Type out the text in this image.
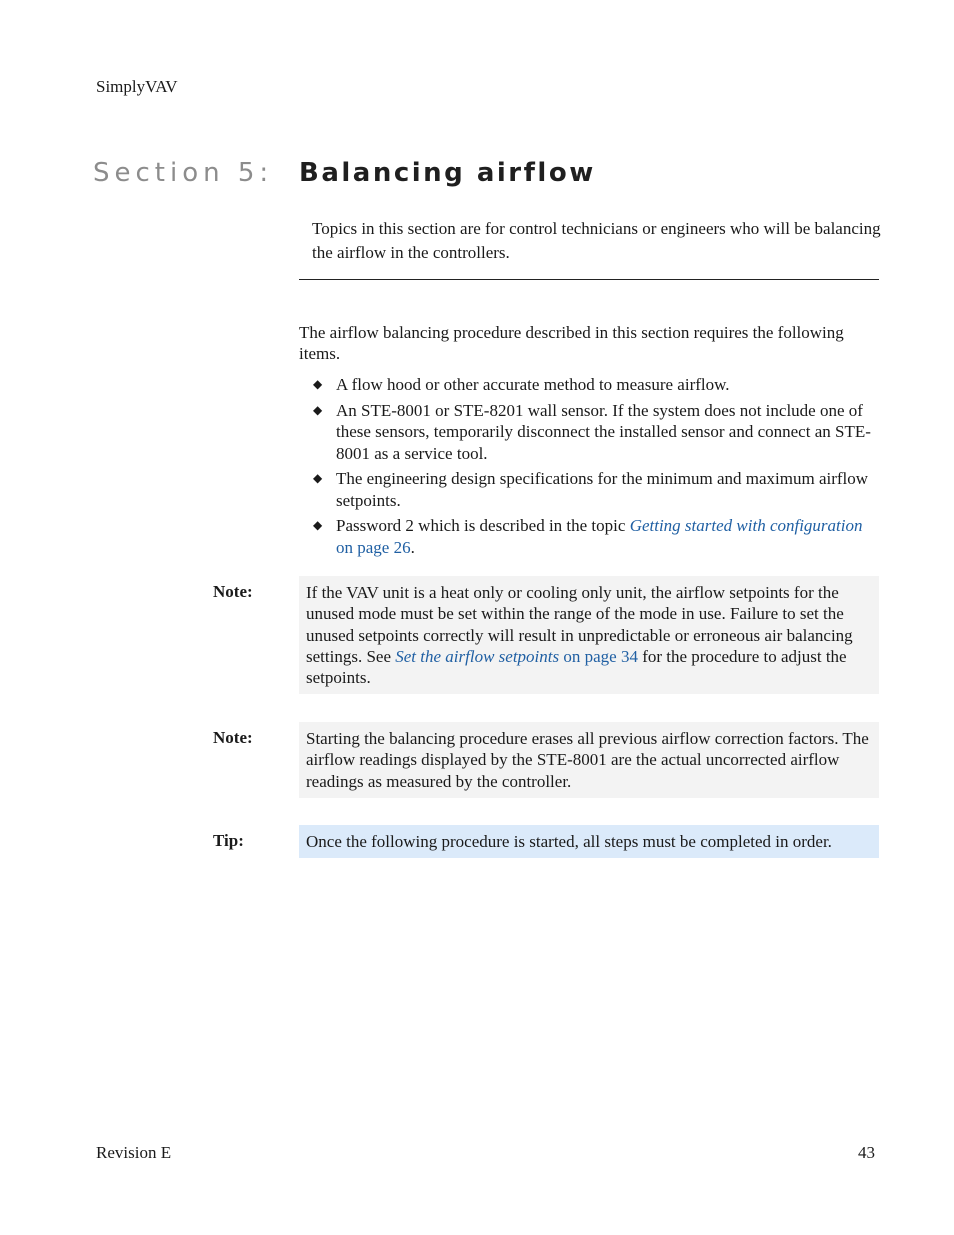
SimplyVAV
Section 5: Balancing airflow
Topics in this section are for control technicians or engineers who will be balancing the airflow in the controllers.
The airflow balancing procedure described in this section requires the following items.
◆ A flow hood or other accurate method to measure airflow.
◆ An STE-8001 or STE-8201 wall sensor. If the system does not include one of these sensors, temporarily disconnect the installed sensor and connect an STE-8001 as a service tool.
◆ The engineering design specifications for the minimum and maximum airflow setpoints.
◆ Password 2 which is described in the topic Getting started with configuration on page 26.
Note:	If the VAV unit is a heat only or cooling only unit, the airflow setpoints for the unused mode must be set within the range of the mode in use. Failure to set the unused setpoints correctly will result in unpredictable or erroneous air balancing settings. See Set the airflow setpoints on page 34 for the procedure to adjust the setpoints.
Note:	Starting the balancing procedure erases all previous airflow correction factors. The airflow readings displayed by the STE-8001 are the actual uncorrected airflow readings as measured by the controller.
Tip:	Once the following procedure is started, all steps must be completed in order.
Revision E	43
